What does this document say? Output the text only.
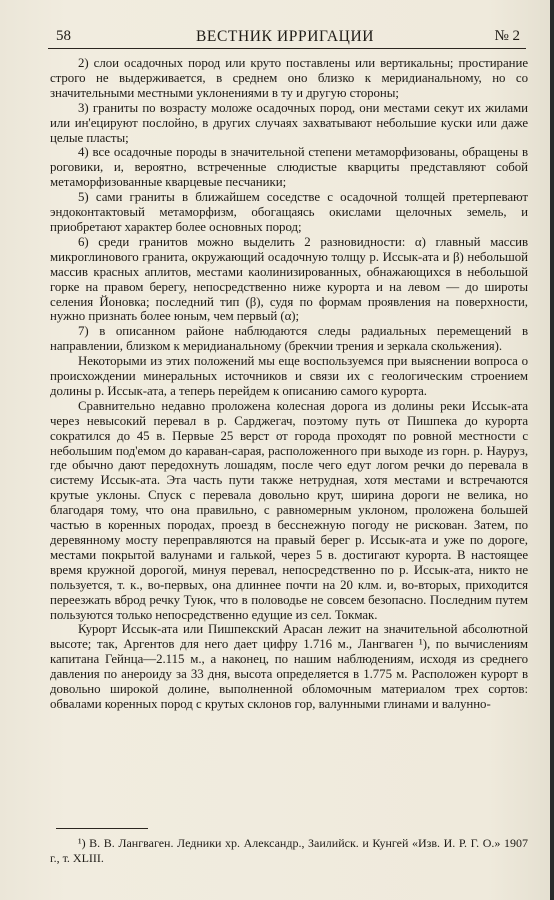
58	ВЕСТНИК ИРРИГАЦИИ	№ 2

2) слои осадочных пород или круто поставлены или вертикальны; простирание строго не выдерживается, в среднем оно близко к меридианальному, но со значительными местными уклонениями в ту и другую стороны;

3) граниты по возрасту моложе осадочных пород, они местами секут их жилами или ин'ецируют послойно, в других случаях захватывают небольшие куски или даже целые пласты;

4) все осадочные породы в значительной степени метаморфизованы, обращены в роговики, и, вероятно, встреченные слюдистые кварциты представляют собой метаморфизованные кварцевые песчаники;

5) сами граниты в ближайшем соседстве с осадочной толщей претерпевают эндоконтактовый метаморфизм, обогащаясь окислами щелочных земель, и приобретают характер более основных пород;

6) среди гранитов можно выделить 2 разновидности: α) главный массив микроглинового гранита, окружающий осадочную толщу р. Иссык-ата и β) небольшой массив красных аплитов, местами каолинизированных, обнажающихся в небольшой горке на правом берегу, непосредственно ниже курорта и на левом — до широты селения Йоновка; последний тип (β), судя по формам проявления на поверхности, нужно признать более юным, чем первый (α);

7) в описанном районе наблюдаются следы радиальных перемещений в направлении, близком к меридианальному (брекчии трения и зеркала скольжения).

Некоторыми из этих положений мы еще воспользуемся при выяснении вопроса о происхождении минеральных источников и связи их с геологическим строением долины р. Иссык-ата, а теперь перейдем к описанию самого курорта.

Сравнительно недавно проложена колесная дорога из долины реки Иссык-ата через невысокий перевал в р. Сарджегач, поэтому путь от Пишпека до курорта сократился до 45 в. Первые 25 верст от города проходят по ровной местности с небольшим под'емом до караван-сарая, расположенного при выходе из горн. р. Науруз, где обычно дают передохнуть лошадям, после чего едут логом речки до перевала в систему Иссык-ата. Эта часть пути также нетрудная, хотя местами и встречаются крутые уклоны. Спуск с перевала довольно крут, ширина дороги не велика, но благодаря тому, что она правильно, с равномерным уклоном, проложена большей частью в коренных породах, проезд в бесснежную погоду не рискован. Затем, по деревянному мосту переправляются на правый берег р. Иссык-ата и уже по дороге, местами покрытой валунами и галькой, через 5 в. достигают курорта. В настоящее время кружной дорогой, минуя перевал, непосредственно по р. Иссык-ата, никто не пользуется, т. к., во-первых, она длиннее почти на 20 клм. и, во-вторых, приходится переезжать вброд речку Туюк, что в половодье не совсем безопасно. Последним путем пользуются только непосредственно едущие из сел. Токмак.

Курорт Иссык-ата или Пишпекский Арасан лежит на значительной абсолютной высоте; так, Аргентов для него дает цифру 1.716 м., Лангваген ¹), по вычислениям капитана Гейнца—2.115 м., а наконец, по нашим наблюдениям, исходя из среднего давления по анероиду за 33 дня, высота определяется в 1.775 м. Расположен курорт в довольно широкой долине, выполненной обломочным материалом трех сортов: обвалами коренных пород с крутых склонов гор, валунными глинами и валунно-

¹) В. В. Лангваген. Ледники хр. Александр., Заилийск. и Кунгей «Изв. И. Р. Г. О.» 1907 г., т. XLIII.
